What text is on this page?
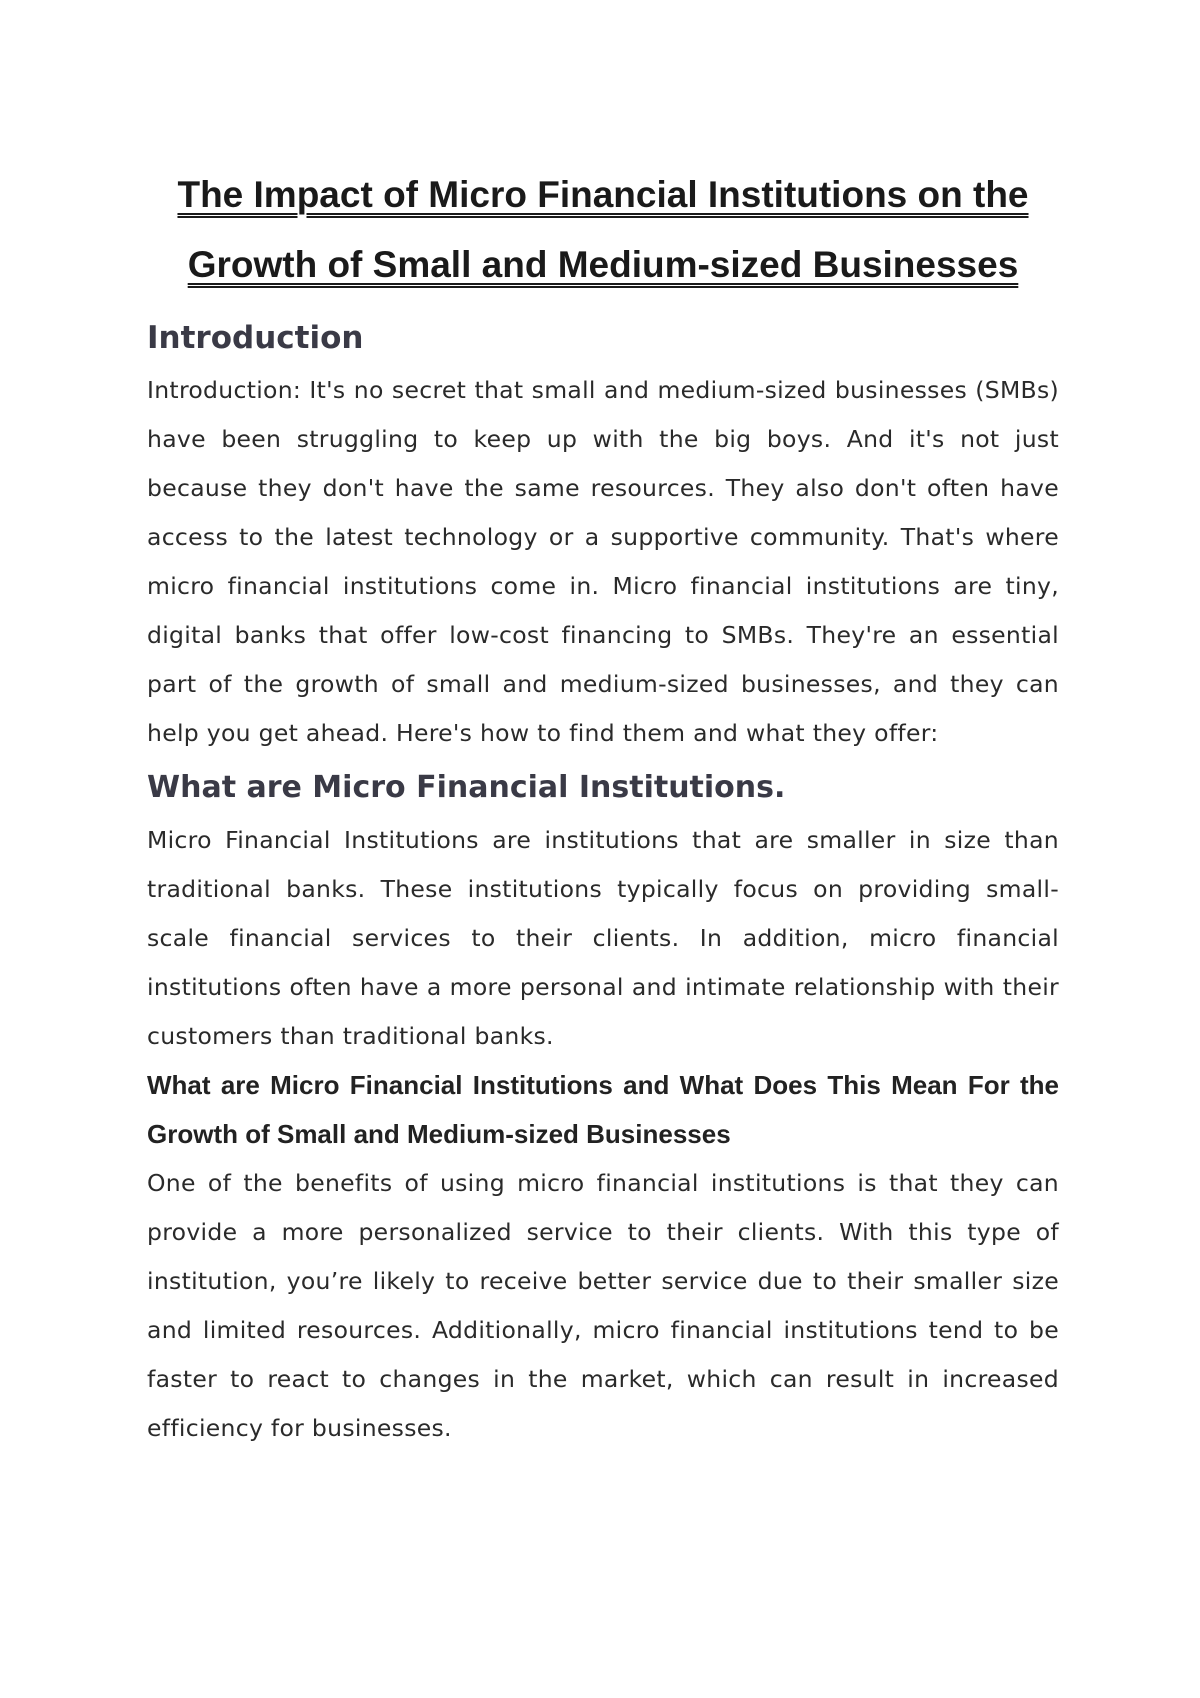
The Impact of Micro Financial Institutions on the Growth of Small and Medium-sized Businesses
Introduction

Introduction: It's no secret that small and medium-sized businesses (SMBs) have been struggling to keep up with the big boys. And it's not just because they don't have the same resources. They also don't often have access to the latest technology or a supportive community. That's where micro financial institutions come in. Micro financial institutions are tiny, digital banks that offer low-cost financing to SMBs. They're an essential part of the growth of small and medium-sized businesses, and they can help you get ahead. Here's how to find them and what they offer:

What are Micro Financial Institutions.

Micro Financial Institutions are institutions that are smaller in size than traditional banks. These institutions typically focus on providing small-scale financial services to their clients. In addition, micro financial institutions often have a more personal and intimate relationship with their customers than traditional banks.

What are Micro Financial Institutions and What Does This Mean For the Growth of Small and Medium-sized Businesses

One of the benefits of using micro financial institutions is that they can provide a more personalized service to their clients. With this type of institution, you’re likely to receive better service due to their smaller size and limited resources. Additionally, micro financial institutions tend to be faster to react to changes in the market, which can result in increased efficiency for businesses.
